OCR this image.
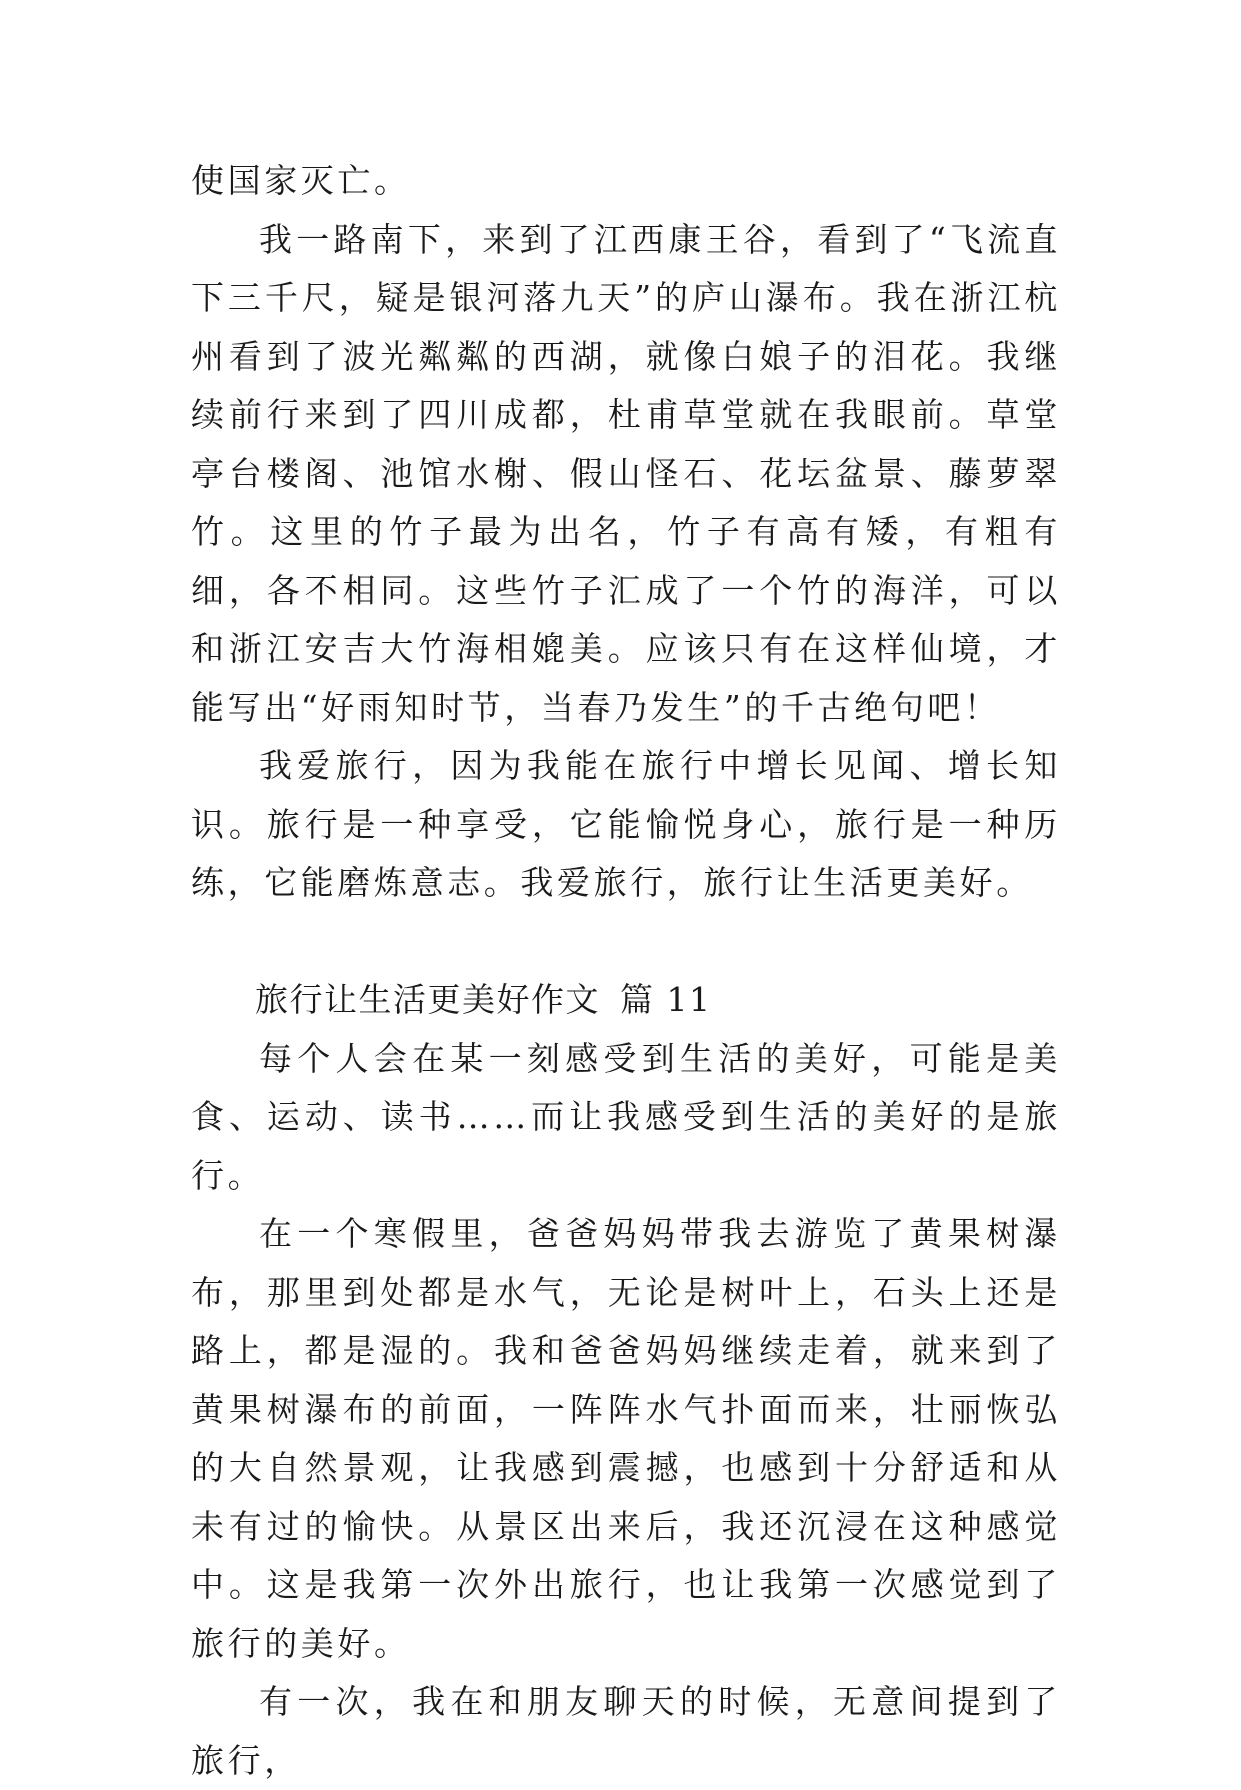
使国家灭亡。

我一路南下，来到了江西康王谷，看到了“飞流直下三千尺，疑是银河落九天”的庐山瀑布。我在浙江杭州看到了波光粼粼的西湖，就像白娘子的泪花。我继续前行来到了四川成都，杜甫草堂就在我眼前。草堂亭台楼阁、池馆水榭、假山怪石、花坛盆景、藤萝翠竹。这里的竹子最为出名，竹子有高有矮，有粗有细，各不相同。这些竹子汇成了一个竹的海洋，可以和浙江安吉大竹海相媲美。应该只有在这样仙境，才能写出“好雨知时节，当春乃发生”的千古绝句吧！

我爱旅行，因为我能在旅行中增长见闻、增长知识。旅行是一种享受，它能愉悦身心，旅行是一种历练，它能磨炼意志。我爱旅行，旅行让生活更美好。

旅行让生活更美好作文 篇 11

每个人会在某一刻感受到生活的美好，可能是美食、运动、读书……而让我感受到生活的美好的是旅行。

在一个寒假里，爸爸妈妈带我去游览了黄果树瀑布，那里到处都是水气，无论是树叶上，石头上还是路上，都是湿的。我和爸爸妈妈继续走着，就来到了黄果树瀑布的前面，一阵阵水气扑面而来，壮丽恢弘的大自然景观，让我感到震撼，也感到十分舒适和从未有过的愉快。从景区出来后，我还沉浸在这种感觉中。这是我第一次外出旅行，也让我第一次感觉到了旅行的美好。

有一次，我在和朋友聊天的时候，无意间提到了旅行，
